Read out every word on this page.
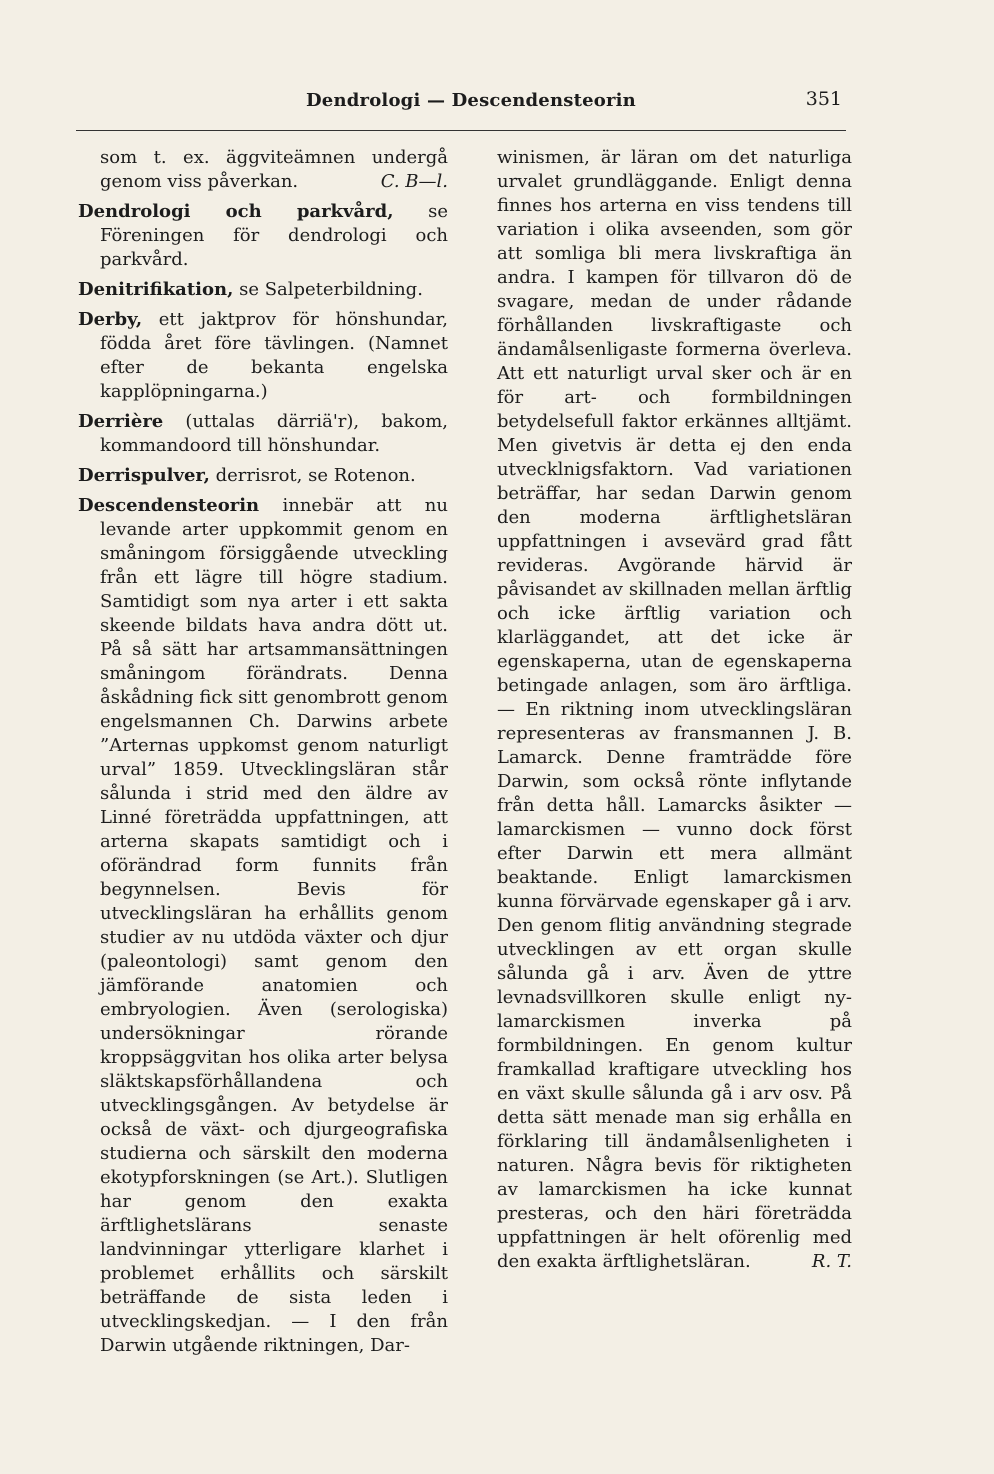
Dendrologi — Descendensteorin	351

som t. ex. äggviteämnen undergå genom viss påverkan.	C. B—l.

Dendrologi och parkvård, se Föreningen för dendrologi och parkvård.

Denitrifikation, se Salpeterbildning.

Derby, ett jaktprov för hönshundar, födda året före tävlingen. (Namnet efter de bekanta engelska kapplöpningarna.)

Derrière (uttalas därriä'r), bakom, kommandoord till hönshundar.

Derrispulver, derrisrot, se Rotenon.

Descendensteorin innebär att nu levande arter uppkommit genom en småningom försiggående utveckling från ett lägre till högre stadium. Samtidigt som nya arter i ett sakta skeende bildats hava andra dött ut. På så sätt har artsammansättningen småningom förändrats. Denna åskådning fick sitt genombrott genom engelsmannen Ch. Darwins arbete ”Arternas uppkomst genom naturligt urval” 1859. Utvecklingsläran står sålunda i strid med den äldre av Linné företrädda uppfattningen, att arterna skapats samtidigt och i oförändrad form funnits från begynnelsen. Bevis för utvecklingsläran ha erhållits genom studier av nu utdöda växter och djur (paleontologi) samt genom den jämförande anatomien och embryologien. Även (serologiska) undersökningar rörande kroppsäggvitan hos olika arter belysa släktskapsförhållandena och utvecklingsgången. Av betydelse är också de växt- och djurgeografiska studierna och särskilt den moderna ekotypforskningen (se Art.). Slutligen har genom den exakta ärftlighetslärans senaste landvinningar ytterligare klarhet i problemet erhållits och särskilt beträffande de sista leden i utvecklingskedjan. — I den från Darwin utgående riktningen, Dar-

winismen, är läran om det naturliga urvalet grundläggande. Enligt denna finnes hos arterna en viss tendens till variation i olika avseenden, som gör att somliga bli mera livskraftiga än andra. I kampen för tillvaron dö de svagare, medan de under rådande förhållanden livskraftigaste och ändamålsenligaste formerna överleva. Att ett naturligt urval sker och är en för art- och formbildningen betydelsefull faktor erkännes alltjämt. Men givetvis är detta ej den enda utvecklnigsfaktorn. Vad variationen beträffar, har sedan Darwin genom den moderna ärftlighetsläran uppfattningen i avsevärd grad fått revideras. Avgörande härvid är påvisandet av skillnaden mellan ärftlig och icke ärftlig variation och klarläggandet, att det icke är egenskaperna, utan de egenskaperna betingade anlagen, som äro ärftliga. — En riktning inom utvecklingsläran representeras av fransmannen J. B. Lamarck. Denne framträdde före Darwin, som också rönte inflytande från detta håll. Lamarcks åsikter — lamarckismen — vunno dock först efter Darwin ett mera allmänt beaktande. Enligt lamarckismen kunna förvärvade egenskaper gå i arv. Den genom flitig användning stegrade utvecklingen av ett organ skulle sålunda gå i arv. Även de yttre levnadsvillkoren skulle enligt ny-lamarckismen inverka på formbildningen. En genom kultur framkallad kraftigare utveckling hos en växt skulle sålunda gå i arv osv. På detta sätt menade man sig erhålla en förklaring till ändamålsenligheten i naturen. Några bevis för riktigheten av lamarckismen ha icke kunnat presteras, och den häri företrädda uppfattningen är helt oförenlig med den exakta ärftlighetsläran.	R. T.
